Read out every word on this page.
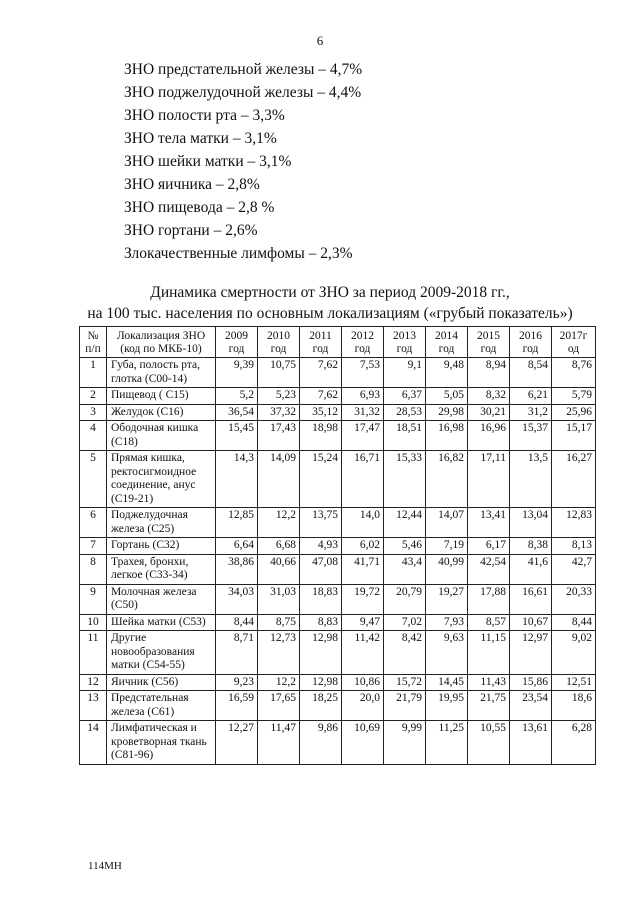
6
ЗНО предстательной железы – 4,7%
ЗНО поджелудочной железы – 4,4%
ЗНО полости рта – 3,3%
ЗНО тела матки – 3,1%
ЗНО шейки матки – 3,1%
ЗНО яичника – 2,8%
ЗНО пищевода – 2,8 %
ЗНО гортани – 2,6%
Злокачественные лимфомы – 2,3%
Динамика смертности от ЗНО за период 2009-2018 гг.,
на 100 тыс. населения по основным локализациям («грубый показатель»)
№ п/п	Локализация ЗНО (код по МКБ-10)	2009 год	2010 год	2011 год	2012 год	2013 год	2014 год	2015 год	2016 год	2017г од
1	Губа, полость рта, глотка (С00-14)	9,39	10,75	7,62	7,53	9,1	9,48	8,94	8,54	8,76
2	Пищевод ( С15)	5,2	5,23	7,62	6,93	6,37	5,05	8,32	6,21	5,79
3	Желудок (С16)	36,54	37,32	35,12	31,32	28,53	29,98	30,21	31,2	25,96
4	Ободочная кишка (С18)	15,45	17,43	18,98	17,47	18,51	16,98	16,96	15,37	15,17
5	Прямая кишка, ректосигмоидное соединение, анус (С19-21)	14,3	14,09	15,24	16,71	15,33	16,82	17,11	13,5	16,27
6	Поджелудочная железа (С25)	12,85	12,2	13,75	14,0	12,44	14,07	13,41	13,04	12,83
7	Гортань (С32)	6,64	6,68	4,93	6,02	5,46	7,19	6,17	8,38	8,13
8	Трахея, бронхи, легкое (С33-34)	38,86	40,66	47,08	41,71	43,4	40,99	42,54	41,6	42,7
9	Молочная железа (С50)	34,03	31,03	18,83	19,72	20,79	19,27	17,88	16,61	20,33
10	Шейка матки (С53)	8,44	8,75	8,83	9,47	7,02	7,93	8,57	10,67	8,44
11	Другие новообразования матки (С54-55)	8,71	12,73	12,98	11,42	8,42	9,63	11,15	12,97	9,02
12	Яичник (С56)	9,23	12,2	12,98	10,86	15,72	14,45	11,43	15,86	12,51
13	Предстательная железа (С61)	16,59	17,65	18,25	20,0	21,79	19,95	21,75	23,54	18,6
14	Лимфатическая и кроветворная ткань (С81-96)	12,27	11,47	9,86	10,69	9,99	11,25	10,55	13,61	6,28
114МН
